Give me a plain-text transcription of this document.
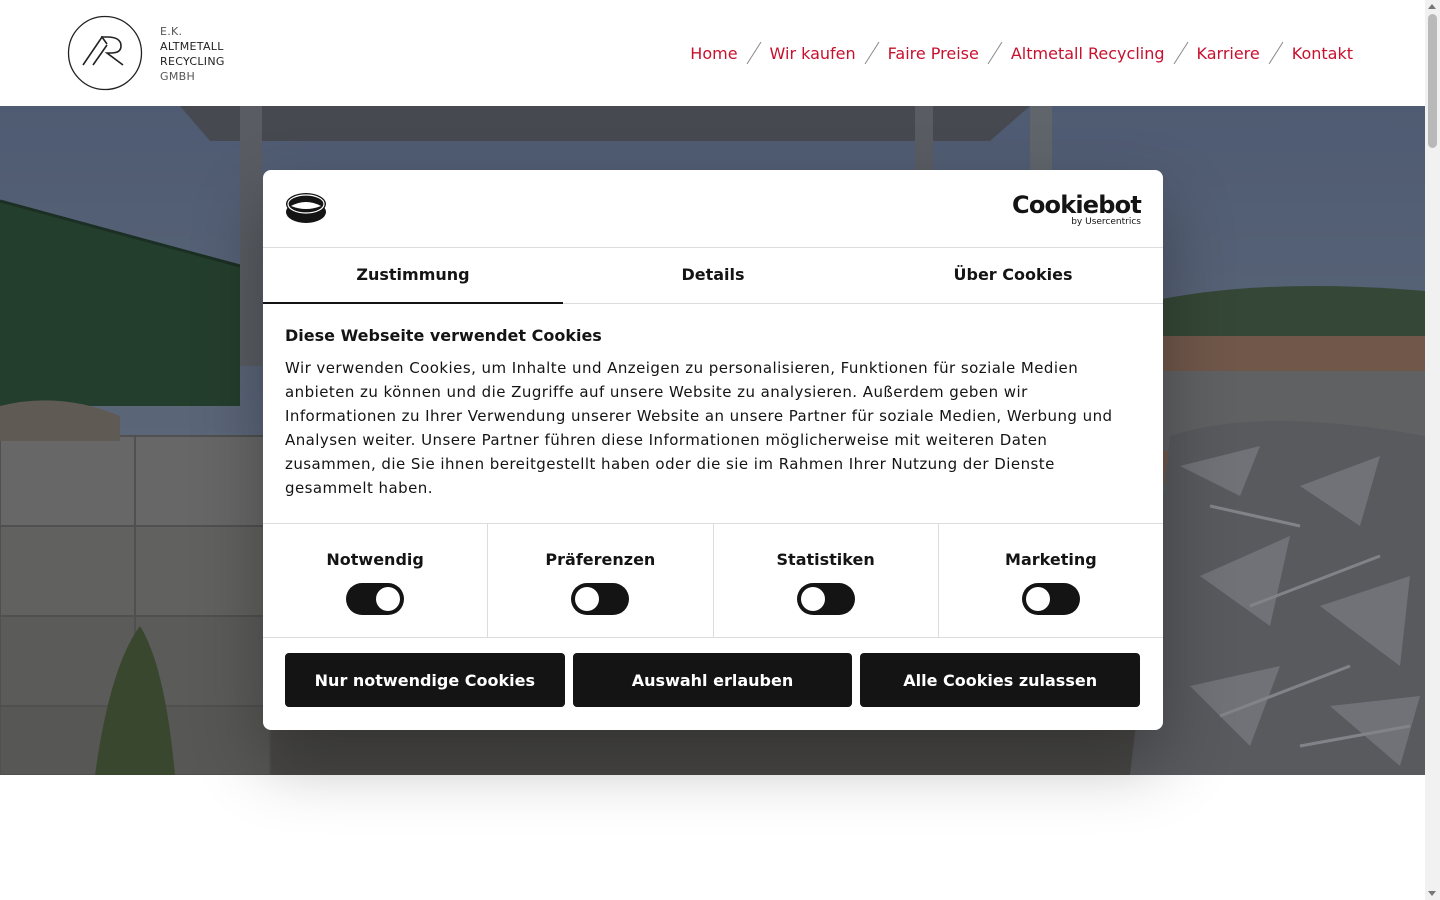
E.K.
ALTMETALL
RECYCLING
GMBH
Home Wir kaufen Faire Preise Altmetall Recycling Karriere Kontakt
Cookiebot
by Usercentrics
Zustimmung	Details	Über Cookies
Diese Webseite verwendet Cookies

Wir verwenden Cookies, um Inhalte und Anzeigen zu personalisieren, Funktionen für soziale Medien anbieten zu können und die Zugriffe auf unsere Website zu analysieren. Außerdem geben wir Informationen zu Ihrer Verwendung unserer Website an unsere Partner für soziale Medien, Werbung und Analysen weiter. Unsere Partner führen diese Informationen möglicherweise mit weiteren Daten zusammen, die Sie ihnen bereitgestellt haben oder die sie im Rahmen Ihrer Nutzung der Dienste gesammelt haben.

Notwendig	Präferenzen	Statistiken	Marketing
Nur notwendige Cookies	Auswahl erlauben	Alle Cookies zulassen
